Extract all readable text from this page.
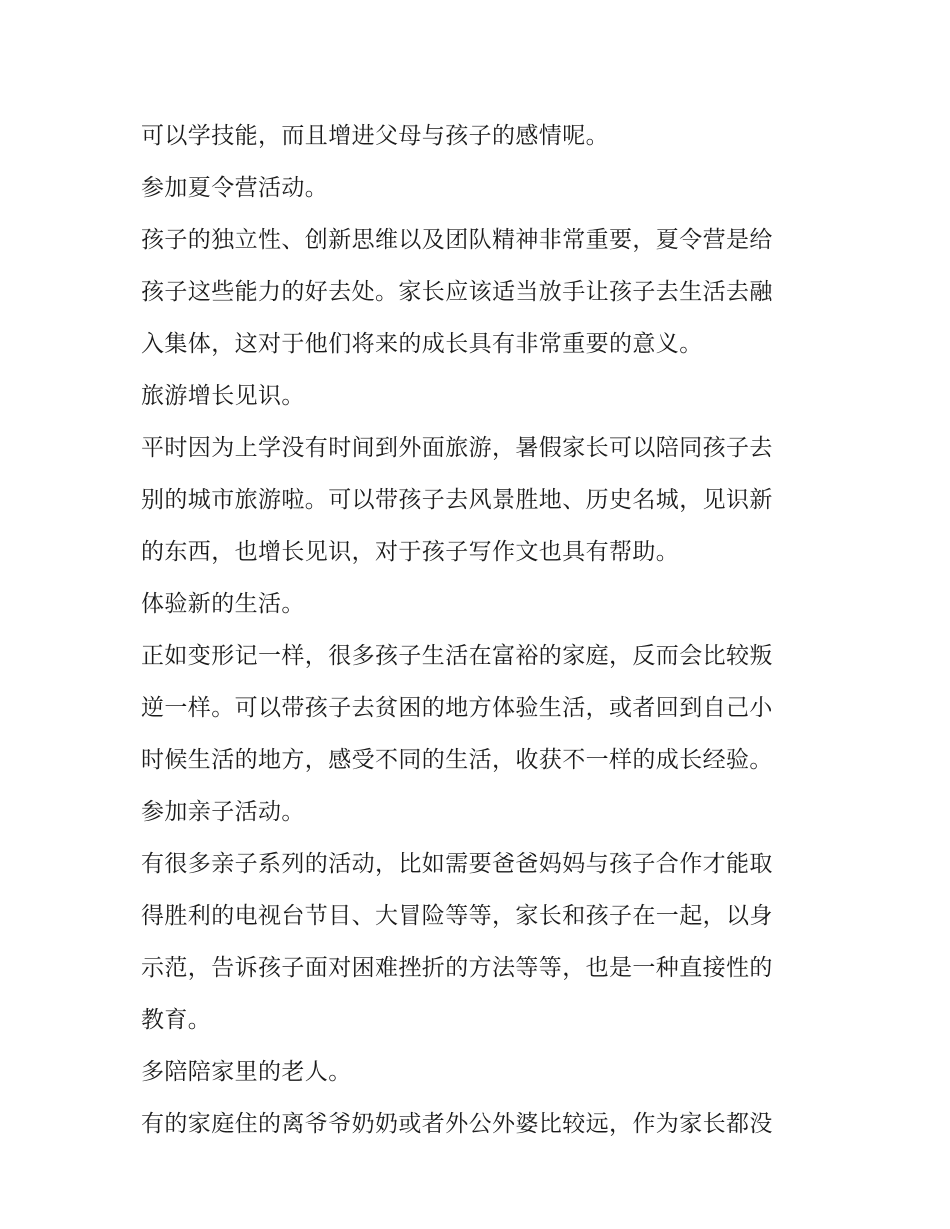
可以学技能，而且增进父母与孩子的感情呢。
参加夏令营活动。
孩子的独立性、创新思维以及团队精神非常重要，夏令营是给
孩子这些能力的好去处。家长应该适当放手让孩子去生活去融
入集体，这对于他们将来的成长具有非常重要的意义。
旅游增长见识。
平时因为上学没有时间到外面旅游，暑假家长可以陪同孩子去
别的城市旅游啦。可以带孩子去风景胜地、历史名城，见识新
的东西，也增长见识，对于孩子写作文也具有帮助。
体验新的生活。
正如变形记一样，很多孩子生活在富裕的家庭，反而会比较叛
逆一样。可以带孩子去贫困的地方体验生活，或者回到自己小
时候生活的地方，感受不同的生活，收获不一样的成长经验。
参加亲子活动。
有很多亲子系列的活动，比如需要爸爸妈妈与孩子合作才能取
得胜利的电视台节目、大冒险等等，家长和孩子在一起，以身
示范，告诉孩子面对困难挫折的方法等等，也是一种直接性的
教育。
多陪陪家里的老人。
有的家庭住的离爷爷奶奶或者外公外婆比较远，作为家长都没
